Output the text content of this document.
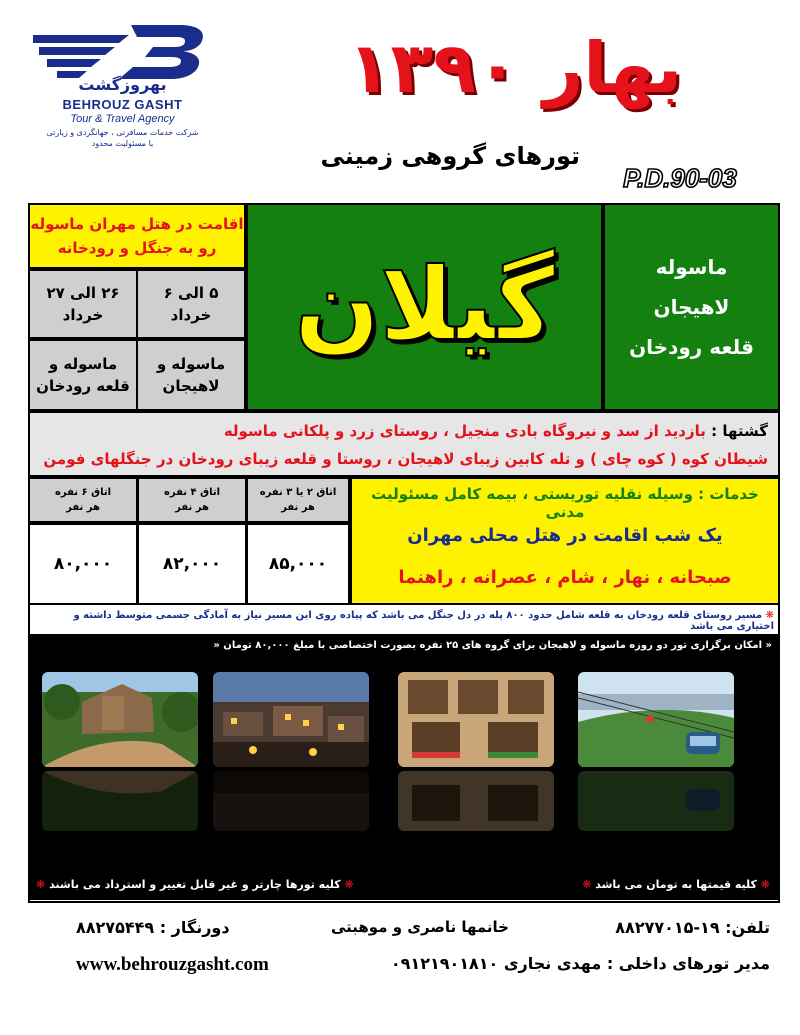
بهروزگشت
BEHROUZ GASHT
Tour & Travel Agency
شرکت خدمات مسافرتی ، جهانگردی و زیارتی
با مسئولیت محدود
بهار ۱۳۹۰
تورهای گروهی زمینی
P.D.90-03
اقامت در هتل مهران ماسوله
رو به جنگل و رودخانه
۵ الی ۶
خرداد
۲۶ الی ۲۷
خرداد
ماسوله و
لاهیجان
ماسوله و
قلعه رودخان
گیلان	ماسوله
لاهیجان
قلعه رودخان
گشتها : بازدید از سد و نیروگاه بادی منجیل ، روستای زرد و پلکانی ماسوله
شیطان کوه ( کوه چای ) و تله کابین زیبای لاهیجان ، روستا و قلعه زیبای رودخان در جنگلهای فومن
اتاق ۲ یا ۳ نفره
هر نفر
اتاق ۴ نفره
هر نفر
اتاق ۶ نفره
هر نفر
۸۵,۰۰۰
۸۲,۰۰۰
۸۰,۰۰۰
خدمات : وسیله نقلیه توریستی ، بیمه کامل مسئولیت مدنی
یک شب اقامت در هتل محلی مهران
صبحانه ، نهار ، شام ، عصرانه ، راهنما
❋ مسیر روستای قلعه رودخان به قلعه شامل حدود ۸۰۰ پله در دل جنگل می باشد که پیاده روی این مسیر نیاز به آمادگی جسمی متوسط داشته و اختیاری می باشد
« امکان برگزاری تور دو روزه ماسوله و لاهیجان برای گروه های ۲۵ نفره بصورت اختصاصی با مبلغ ۸۰,۰۰۰ تومان «
❋ کلیه قیمتها به تومان می باشد ❋
❋ کلیه تورها چارتر و غیر قابل تغییر و استرداد می باشند ❋
تلفن: ۱۹-۸۸۲۷۷۰۱۵
خانمها ناصری و موهبتی
دورنگار : ۸۸۲۷۵۴۴۹
مدیر تورهای داخلی : مهدی نجاری ۰۹۱۲۱۹۰۱۸۱۰
www.behrouzgasht.com
